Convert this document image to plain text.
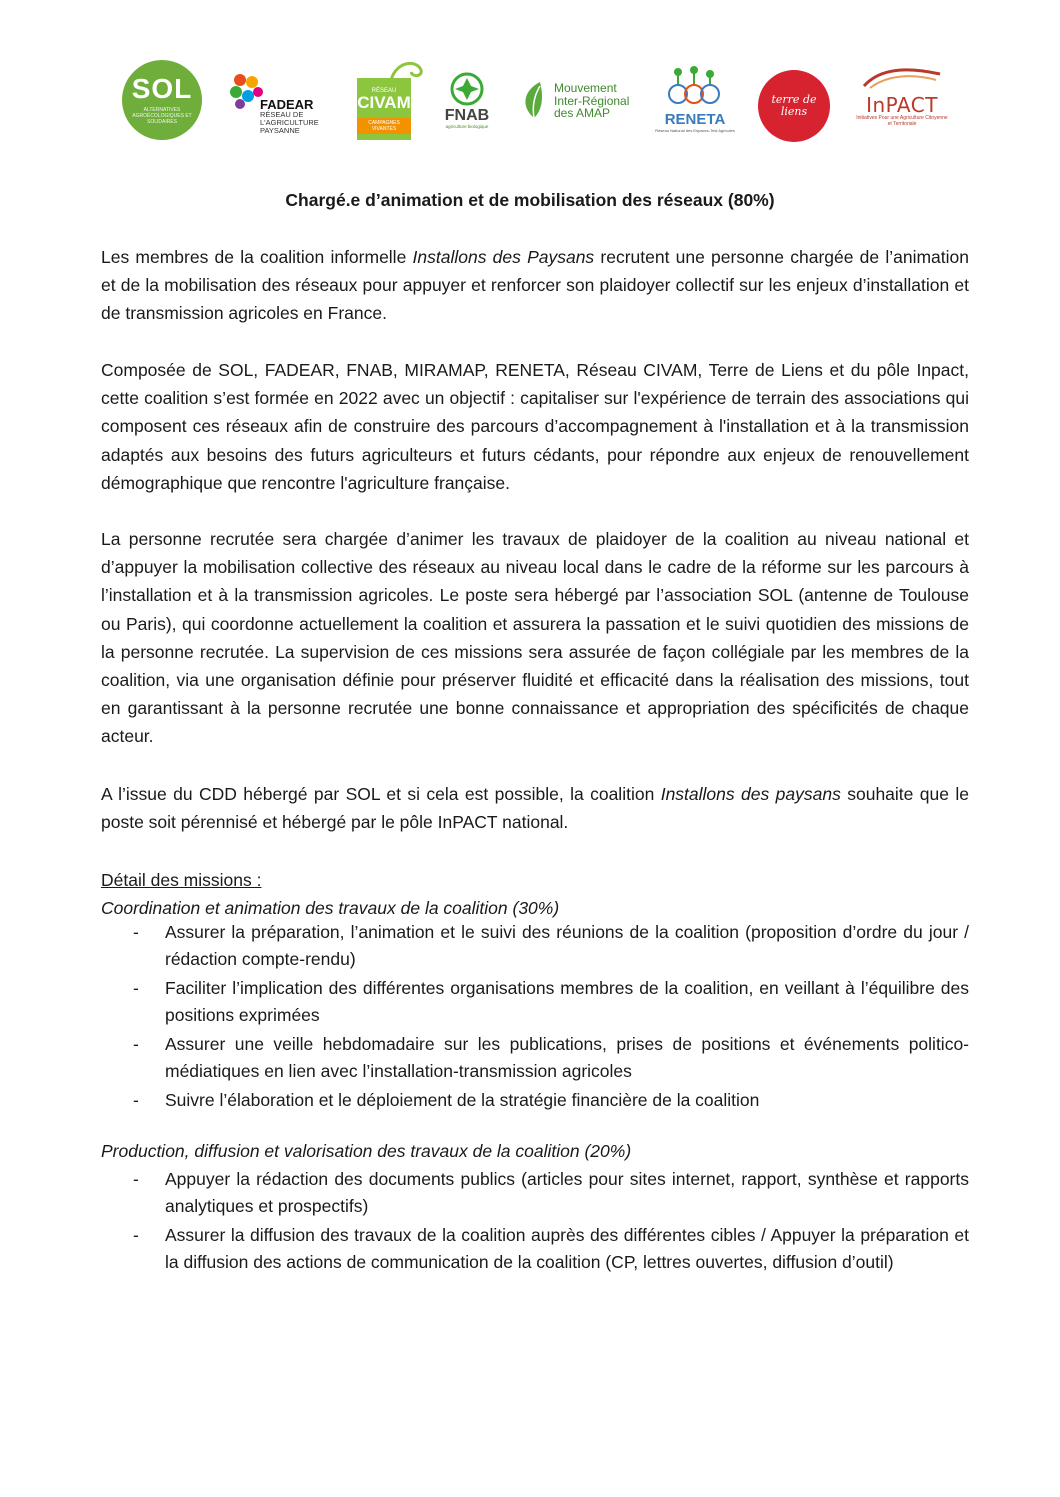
SOL
ALTERNATIVES AGROÉCOLOGIQUES ET SOLIDAIRES
FADEAR
RÉSEAU DE L'AGRICULTURE PAYSANNE
RÉSEAU
CIVAM
CAMPAGNES VIVANTES
FNAB
agriculture biologique
Mouvement Inter-Régional des AMAP	RENETA
Réseau National des Espaces-Test Agricoles
terre de liens	InPACT
Initiatives Pour une Agriculture Citoyenne et Territoriale
Chargé.e d’animation et de mobilisation des réseaux (80%)
Les membres de la coalition informelle Installons des Paysans recrutent une personne chargée de l’animation et de la mobilisation des réseaux pour appuyer et renforcer son plaidoyer collectif sur les enjeux d’installation et de transmission agricoles en France.
Composée de SOL, FADEAR, FNAB, MIRAMAP, RENETA, Réseau CIVAM, Terre de Liens et du pôle Inpact, cette coalition s’est formée en 2022 avec un objectif : capitaliser sur l'expérience de terrain des associations qui composent ces réseaux afin de construire des parcours d’accompagnement à l'installation et à la transmission adaptés aux besoins des futurs agriculteurs et futurs cédants, pour répondre aux enjeux de renouvellement démographique que rencontre l'agriculture française.
La personne recrutée sera chargée d’animer les travaux de plaidoyer de la coalition au niveau national et d’appuyer la mobilisation collective des réseaux au niveau local dans le cadre de la réforme sur les parcours à l’installation et à la transmission agricoles. Le poste sera hébergé par l’association SOL (antenne de Toulouse ou Paris), qui coordonne actuellement la coalition et assurera la passation et le suivi quotidien des missions de la personne recrutée. La supervision de ces missions sera assurée de façon collégiale par les membres de la coalition, via une organisation définie pour préserver fluidité et efficacité dans la réalisation des missions, tout en garantissant à la personne recrutée une bonne connaissance et appropriation des spécificités de chaque acteur.
A l’issue du CDD hébergé par SOL et si cela est possible, la coalition Installons des paysans souhaite que le poste soit pérennisé et hébergé par le pôle InPACT national.
Détail des missions :
Coordination et animation des travaux de la coalition (30%)
- Assurer la préparation, l’animation et le suivi des réunions de la coalition (proposition d’ordre du jour / rédaction compte-rendu)
- Faciliter l’implication des différentes organisations membres de la coalition, en veillant à l’équilibre des positions exprimées
- Assurer une veille hebdomadaire sur les publications, prises de positions et événements politico-médiatiques en lien avec l’installation-transmission agricoles
- Suivre l’élaboration et le déploiement de la stratégie financière de la coalition
Production, diffusion et valorisation des travaux de la coalition (20%)
- Appuyer la rédaction des documents publics (articles pour sites internet, rapport, synthèse et rapports analytiques et prospectifs)
- Assurer la diffusion des travaux de la coalition auprès des différentes cibles / Appuyer la préparation et la diffusion des actions de communication de la coalition (CP, lettres ouvertes, diffusion d’outil)
